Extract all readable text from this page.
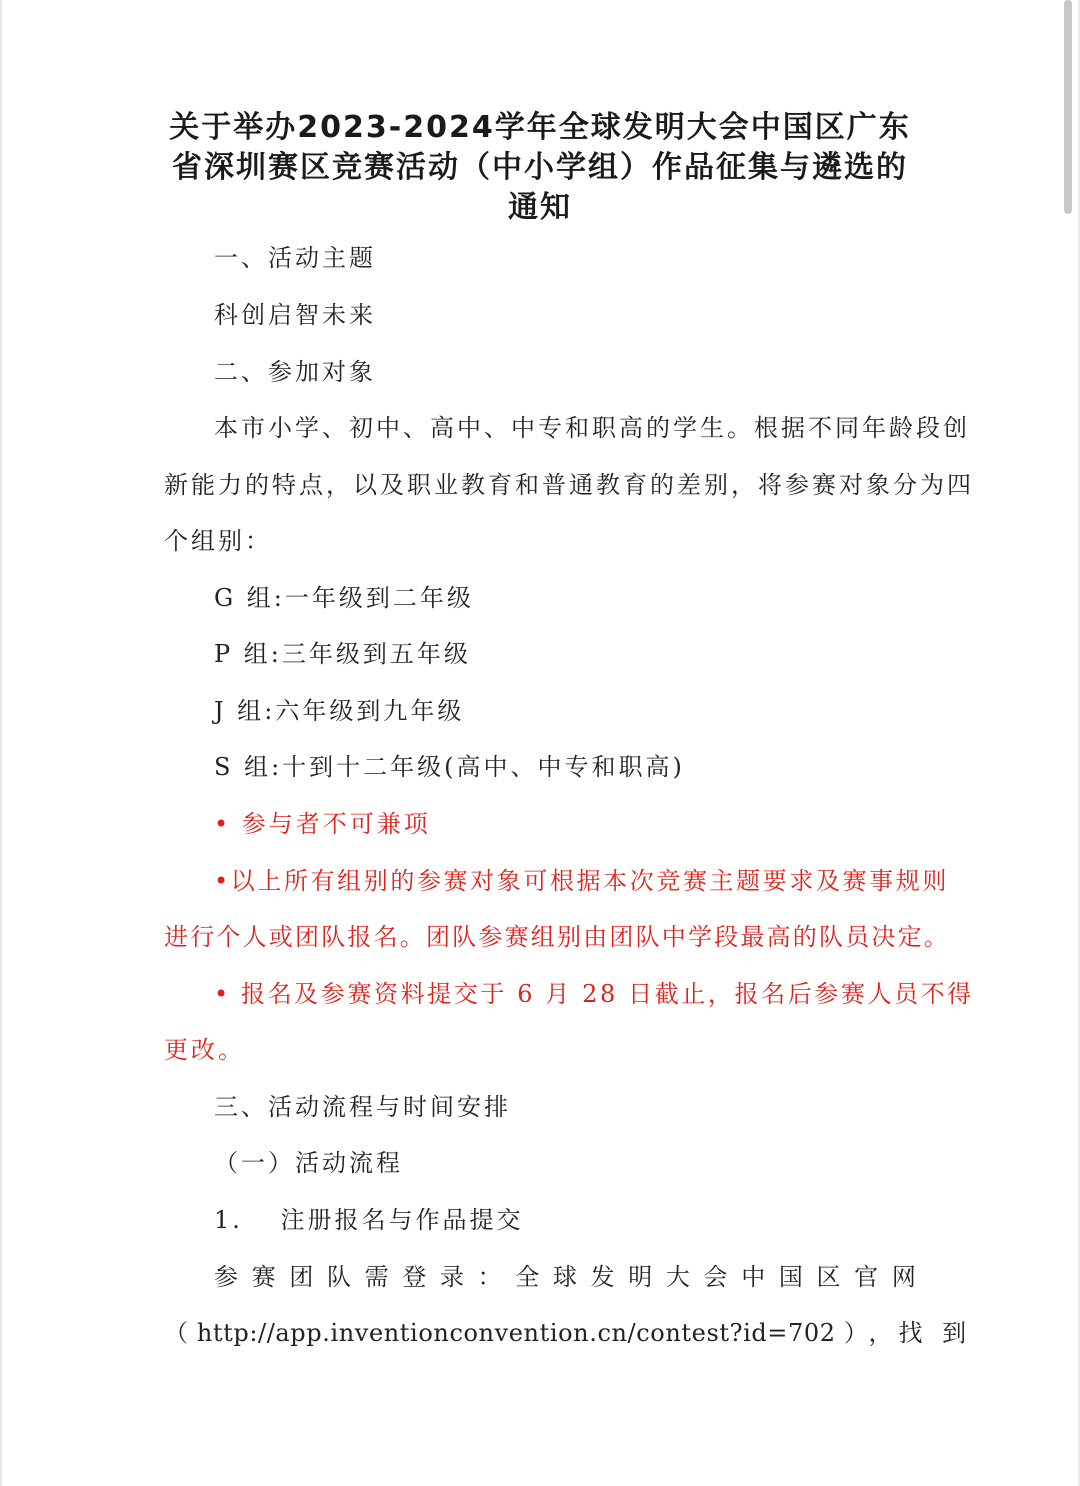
关于举办2023-2024学年全球发明大会中国区广东
省深圳赛区竞赛活动（中小学组）作品征集与遴选的
通知

一、活动主题

科创启智未来

二、参加对象

本市小学、初中、高中、中专和职高的学生。根据不同年龄段创

新能力的特点，以及职业教育和普通教育的差别，将参赛对象分为四

个组别：

G 组:一年级到二年级

P 组:三年级到五年级

J 组:六年级到九年级

S 组:十到十二年级(高中、中专和职高)

• 参与者不可兼项

•以上所有组别的参赛对象可根据本次竞赛主题要求及赛事规则

进行个人或团队报名。团队参赛组别由团队中学段最高的队员决定。

• 报名及参赛资料提交于 6 月 28 日截止，报名后参赛人员不得

更改。

三、活动流程与时间安排

（一）活动流程

1.　 注册报名与作品提交

参 赛 团 队 需 登 录 ： 全 球 发 明 大 会 中 国 区 官 网
（ http://app.inventionconvention.cn/contest?id=702 ） ，找 到
